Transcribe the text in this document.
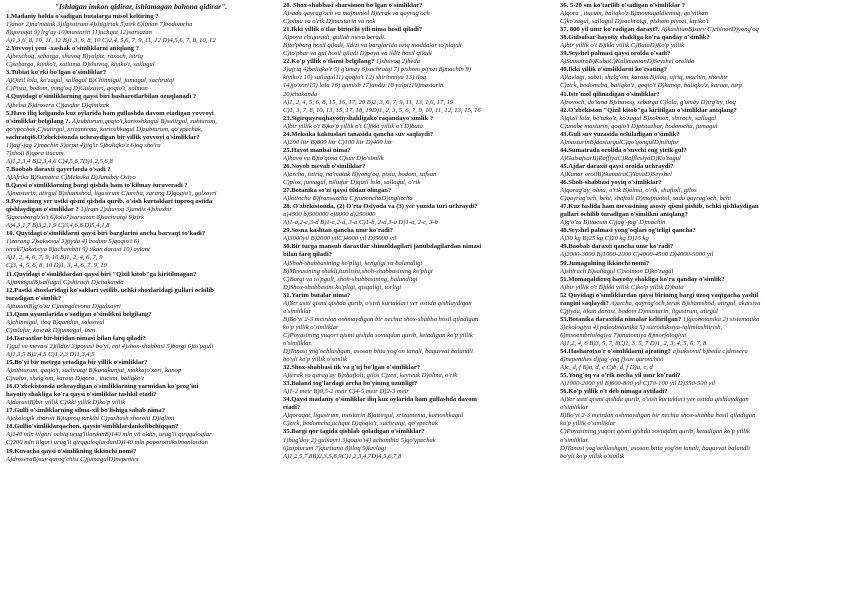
"Ishlagan imkon qidirar, ishlamagan bahona qidirar".
1.Madaniy holda o'sadigan butalarga misol keltiring ?
1)anor 2)na'matak 3)ilgistirum 4)shigirtak 5)zirk 6)limon 7)bodomcha
8)qoraqat 9) lrg'ay 10)mastarin 11)uchqat 12)sarsazan
A)1,3,6, 8, 10, 11, 12 B)1,3, 6, 8, 10 C)2,4, 5,6, 7, 9, 11, 12 D)4,5,6, 7, 8, 10, 12
2.Yovvoyi yem -xashak o'simliklarni aniqlang ?
A)bexchoq, sebarga, shuvoq B)yalpiz, raxoch, istriq
C)sebarga, kiyiko't, xatlama D)shuvoq, kiyiko't, sallagul
3.Tubiat ko'rki bo'lgan o'simliklar?
A)Qizil lola, ko'zagul, sallagul B)Chinnigul, jumagul, sachratqi
C)Pista, bodom, yong'oq D)Gulxayri, qoqio't, xolmon
4.Quyidagi o'simliklarning qaysi biri hasharotlarbilan ozuqlanadi ?
A)belsa B)drosera C)javdar D)qimizak
5.Havo iliq kelganda kuz oylarida ham gullashda davom etadigan yovvoyi
o'simliklar belgilang ?. A)zubturum,qoqio't,kartoshkagul B)sutirgul, zubturum,
qo'ypechak,C)sutirgul, xrizantema, kartoshkagul D)zubturum, qo'ypechak,
sachratqi6.O'zbekistonda uchraydigan bir yillik yovvoyi o'simliklar?
1)jag'-jag 2)machin 3)arpa 4)jig'ir 5)baliqko'z 6)oq sho'ra
7)sholi 8)qora itucum
A)1,2,3,4 B)2,3,4,6 C)4,5,6,7D)1,2,5,6,8
7.Baobab daraxti qayerlarda o'sadi ?
A)Afrika B)Sumatra C)Meksika D)Janubiy Osiyo
8.Qaysi o'simliklarning bargi qishda ham to'kilmay turaveradi ?
A)mastarin, atirgul B)shamshod, ligustrum C)archa, zarang D)qoqio't, gulxayri
9.Poyasining yer ustki qismi qishda qurib, o'sish kurtaklari tuproq ostida
qishlaydigan o'simliklar ? 1)lzam 2)shuvoq 3)andiz 4)shashir
5)qorabargiz'o't 6)lola7)sarsazan 8)sachratqi 9)zirk
A)4,3,1,7 B)3,2,1,9 C)3,4,6,8 D)5,4,1,8
10. Quyidagi o'simliklarni qaysi biri barglarini ancha barvaqt to'kadi?
1)zarang 2)saksovul 3)jiyda 4) bodom 5)qoqio't 6)
terak7)akatsiya 8)achambiti 9) tikan daraxt 10) aylant
A)1, 2, 4, 6, 7, 9, 10 B)1, 2, 4, 6, 7, 9
C)3, 4, 5, 6, 8, 10 D)1, 3, 4, 6, 7, 9, 10
11.Quyidagi o'simliklardan qaysi biri "Qizil kitob"ga kiritilmagan?
A)jumagulB)sallagul C)shirach D)chakanda
12.Pastki shoxlaridagi ko'saklari yetilib, uchki shoxlaridagi gullari ochilib
turadigan o'simlik?
A)tuxumB)g'o'za C)mingdevona D)gulxayri
13.Qum uyumlarida o'sadigan o'simlikni belgilang?
A)chinnigul, iloq B)qandim, saksovul
C)nilufar, kovrak D)jumagul, izen
14.Daraxtlar bir-biridan nimasi bilan farq qiladi?
1)gul va mevasi 2)illdizi 3)poyasi bo'yi, eni 4)shox-shabbasi 5)bargi 6)to'pguli
A)1,3,5 B)2,4,5 C)1,2,3 D)1,3,4,5
15.Bo'yi bir metrga yetadiga bir yillik o'simliklar?
A)zubturum, qoqio't, sachratqi B)kanakunjut, makkajo'xori, kanop
C)xahzi, shelg'om, karam D)qora , itucum, baliqko'z
16.O'zbekistonda uchraydigan o'simliklarning yarmidan ko'prog'ini
hayotiy shakliga ko'ra qaysi o'simliklar tashkil etadi?
A)daraxtB)bir yillik C)ikki yillik D)ko'p yillik
17.Gulli o'simliklarning silma-xil bo'lishiga sabab nima?
A)ekologik sharoit B)tuproq tarkibi C)yashash shoroiti D)iqlimi
18.Gullio'simliklarqachon, qaysio'simliklardankelibchiqqan?
A)140 mln iilgari ochiq urug'lilardanB)140 mln yil oldin, urug'li qirqquloqlar
C)200 mln iilgari urug'li qirqquloqlardanD)140 mln paporotniksimonlardan
19.Kuvacha qaysi o'simlikning ikkinchi nomi?
A)droseraB)suv qarog'chisi C)jumagulD)nepentes
20. Shox-shabbasi sharsimon bo'lgan o'simliklar?
A)sada qayrag'och va majnuntol B)terak va qayrag'och
C)olma va o'rik D)mastarin va nok
21.Ikki yillik o'tlar birinchi yili nima hosil qiladi?
A)poya chiqaradi, gullab meva beradi.
B)to'pbarg hosil qiladi, ildizi va barglarida oziq moddalar to'playdi
C)to'pbar va gul hosil qiladi D)poya va ildiz hosil qiladi
22.Ko'p yillik o'tlarni belgilang? 1)shuvoq 2)beda
3)ajriq 4)baliqko'z 5) g'umay 6)sachratqi 7) pishom piyozi 8)machin 9)
kiyiko't 10) sallagul11) qoqio't 12) shirinmiya 13) iloq
14)jo'xori15) lola 16) qamish 17)andiz 18 yalpiz19)mastarin
20)chakanda
A)1, 2, 4, 5, 6, 8, 15, 16, 17, 20 B)2, 3, 6, 7, 9, 11, 13, 1,6, 17, 19
C)1, 3, 7, 8, 10, 13, 15, 17, 18, 19D)1, 2, 3, 5, 6, 7, 9, 10, 11, 12, 13, 15, 16
23.Sigirquyruqhayotiyshakligako'raqandayo'simlik ?
A)bir yillik o't B)ko'p yillik o't C)ikki yillik o't D)buta
24.Meksika kaktuslari tanasida qancha suv saqlaydi?
A)200 litr B)800 litr C)100 litr D)400 litr
25.Hayot manbai nima?
A)havo va B)to'qima C)suv D)o'simlik
26.Noyob mevali o'simliklar?
A)archa, ittiriq, na'matak B)yong'oq, pista, bodom, safsan
C)plos, jumagul, niliufar D)qizil lola, sallagul, o'rik
27.Botanika so'zi qaysi tildan olingan?
A)lotincha B)fransuzcha C)yunonchaD)inglizcha
28. O'zbekistonda, (2) O'rta Osiyoda va (3) yer yuzida turi uchraydi?
a)4500 b)500000 c)8000 d)250000
A)1-a,2-c,3-d B)1-c,2-d, 3-a C)1-b, 2-d,3-a D)1-a, 2-c, 3-b
29.Sosna kashtan qancha umr ko'radi?
A)3000yil B)2000 yilC)4000 yil D)5000 yil
30.Bir turga mansub daraxtlar shimoldagilari janubdagilardan nimasi
bilan farq qiladi?
A)Shoh-shabbasining ko'pligi, kengligi va balandligi
B)Mevasining shakli,tuzilishi,shoh-shabbasining ko'pligi
C)Bargi va to'pguli, shoh-shabbasining, balandligi
D)Shox-shabbasini ko'pligi, qisqaligi, torligi
31.Yarim butalar nima?
A)Yer ustti qismi qishda qurib, o'sish kurtaklari yer ostida qishlaydigan
o'simliklar
B)Bo'yi 2-3 metrdan oshmaydigan bir nechta shox-shabba hosil qiladigan
ko'p yillik o'simliklar
C)Poyasining yuqori qismi qishda sovuqdan qurib, ketadigan ko'p yillik
o'simliklar.
D)Tanasi yog'ochlashgan, asosan bitta yog'on tanali, baquvvat balandli
bo'yli ko'p yillik o'simlik
32.Shox-shabbasi tik va g'uj bo'lgan o'simliklar?
A)terak va qarag'ay B)shaftoli, gilos C)zen, keyreuk D)olma, o'rik
33.Baland tog'lardagi archa bo'yining uzunligi?
A)1-2 metr B)0,5-2 metr C)4-5 metr D)2-3 metr
34.Qaysi madaniy o'simliklar iliq kuz oylarida ham gullashda davom
etadi?
A)qoraqat, ligustrum, mastarin B)attirgul, xrizantema, kartoshkagul
C)zirk, bodomcha,uchqat D)qoqio't, sachratqi, qo'ypechak
35.Bargi qor tagida qishlab qoladigan o'simliklar?
1)bug'doy 2) gulxayri 3)qoqio't4) achambiti 5)qo'ypechak
6)zupturum 7)qurttana 8)iloq 9)lavlagi
A)1,2,5,7,8B)2,3,5,8,9C)1,2,3,4,7D)4,5,6,7,8
36. 5-20 sm ko'tarilib o'sadigan o'simliklar ?
A)qora , itucum, baliqko'z B)momaqaldiemoq, qo'ytikan
C)ko'zagul, sallagul D)sachratqi, pishom piyozi, kiyiko't
37. 800 yil umr ko'radigan daraxt?. A)kashtanB)sarv C)chinorD)yong'oq
38.Gulsafsar hayotiy shakliga ko'ra qanday o'simlik?
A)bir yillik o't B)ikki yillik C)ButaD)Ko'p yillik
39.Seyshel palmasi qaysi orolda o'sadi?
A)SumatraB)KubaC)KalimantanD)Seyshel orolida
40.Ikki yillik o'simliklarni ko'rsating?
A)lavlagi, sabzi, shelg'om, karam.B)iloq, ajriq, machin, shashir
C)zirk, bodomcha, baliqko'z, qoqio't D)kanop, baliqko'z, karam, turp
41.Iste'mol qilinadigan o'simliklar?
A)rovoch, do'lana B)shuvoq, sebarga C)lola, g'umay D)irg'ay, iloq
42.O'zbekiston "Qizil kitob"ga kiritilgan o'simliklar aniqlang?
A)qizil lola, bo'tako'z, ko'zagul B)xolmon, shirach, sallagul
C)unabe mastarin, qoqio't D)pistazhar, bodomcha, jumagul
43.Guli suv yuzasida ochiladigan o'simlik?
A)mastarinB)dastargulC)qo'qongulD)nilufar
44.Sumatrada orolida o'suvchi eng yirik gul?
A)GulsafsarB)RaffiyaC)RafflesiyaD)Ko'zagul
45.Ajdar daraxti qaysi orolda uchraydi?
A)Kanar orollB)SumatraC)YavaD)Seyshel
46.Shoh-shabbasi yoyiq o'simliklar?
A)qarag'ay, olma, o'rik B)olma, o'rik, shaftoli, gilos
C)qayrag'och, behi, shaftoli D)majnuntol, sada qayrag'och, behi
47.Kuz faslida ham mevasining asosiy qismi pishib, ochki qishlaydigan
gullari ochilib turadigan o'simlikni aniqlang?
A)g'o'za B)itucum C)jag'-jag' D)machin
48.Seyshel palmasi yong'oqlari og'irligi qancha?
A)30 kg B)25 kg C)20 kg D)15 kg
49.Baobab daraxti qancha umr ko'radi?
A)2000-3000 B)1000-2000 C)4000-4500 D)4000-5000 yil
50.Jumagulning ikkinchi nomi?
A)shirach B)sallagul C)xolmon D)ko'zagul
51.Momaqaldiroq hayotiy shakliga ko'ra qanday o'simlik?
A)bir yillik o't B)ikki yillik C)ko'p yillik D)buta
52 Quyidagi o'simliklardan qaysi birining bargi uzoq vaqtgacha yashil
rangini saqlaydi? A)archa, qayrag'och,terak B)shamshod, atirgul, akatsiya
C)jiyda, tikan daraxt, bodom D)mastarin, ligustrum, atirgul
53.Botanika daraxtida nimalar keltirilgan? 1)geobotanika 2) sistematika
3)ekologiya 4) paleobotanika 5) sutroduksiya-iqlimlashtirish,
6)ntsoembriologiya 7)anatomiya 8)morfologiya
A)1,2, 4, 6 B)3, 5, 7, 8C)1, 3, 5, 7 D)1, 2, 3, 4, 5, 6, 7, 8
54.Hasharotxo'r o'simliklarni ajrating? a)saksovul b)beda c)drosera
d)nepenthes d)jag'-jag f)suv qarovchisi
A)c, d, f B)a, d, e C)b, d, f D)a, c, d
55.Yong'oq va o'rik necha yil umr ko'radi?
A)1000-2000 yil B)600-800 yil C)70-100 yil D)350-500 yil
56.Ko'p yillik o't deb nimaga aytiladi?
A)Yer ustti qismi qishda qurib, o'sish kurtaklari yer ostida qishlaydigan
o'simliklar
B)Bo'yi 2-3 metrdan oshmaydigan bir nechta shox-shabba hosil qiladigan
ko'p yillik o'simliklar
C)Poyasining yuqori qismi qishda sovuqdan qurib, ketadigan ko'p yillik
o'simliklar.
D)Tanasi yog'ochlashgan, asosan bitta yog'on tanali, baquvvat balandli
bo'yli ko'p yillik o'simlik
